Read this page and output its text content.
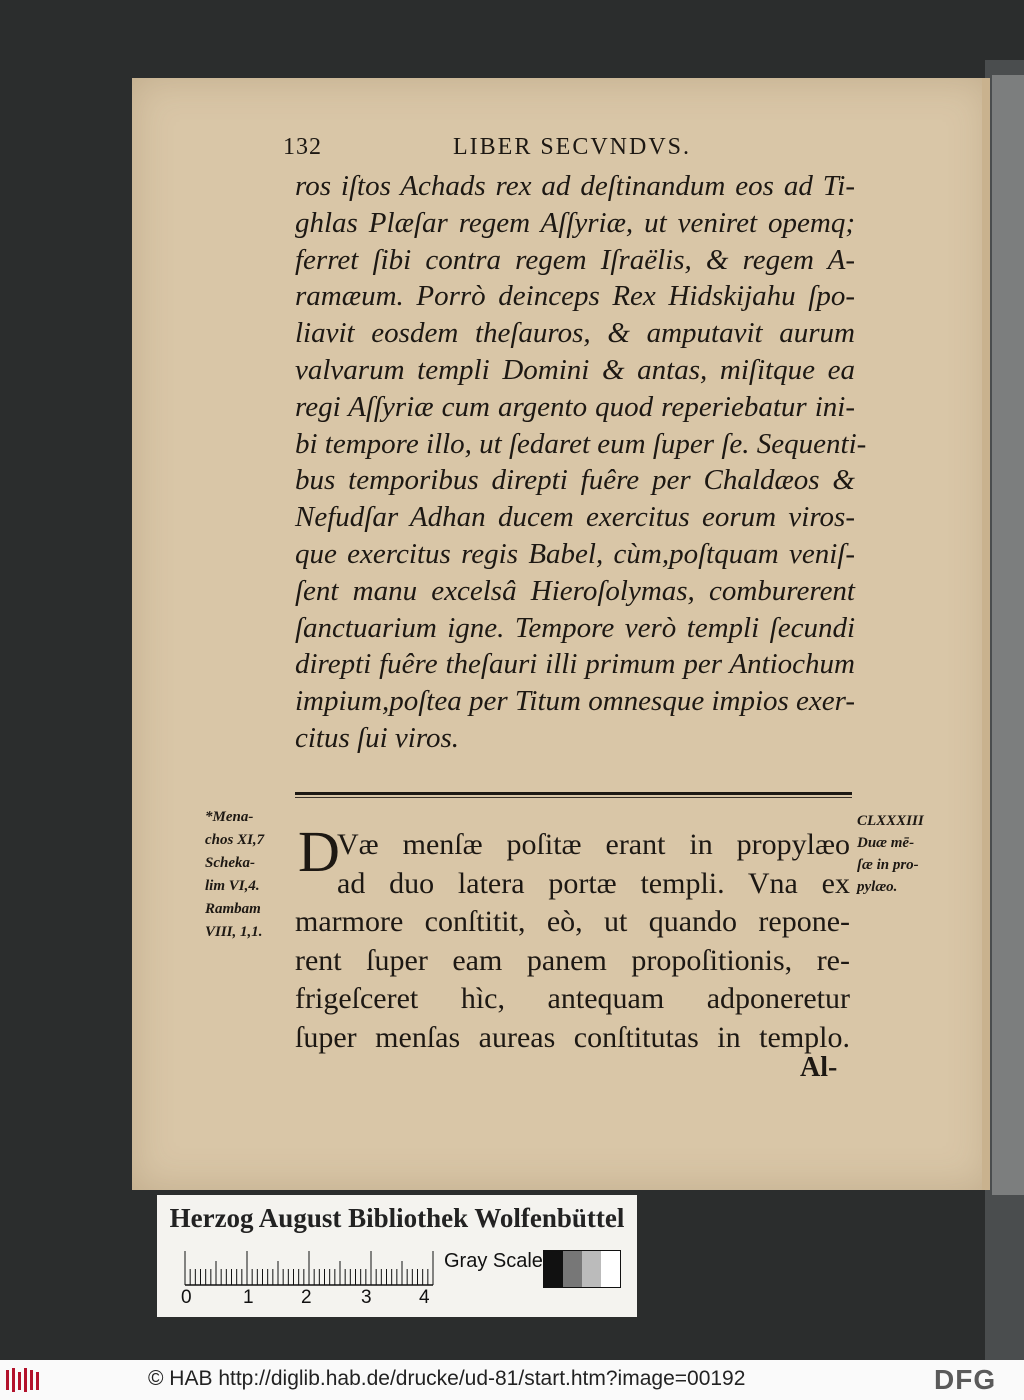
132	LIBER SECVNDVS.
ros iſtos Achads rex ad deſtinandum eos ad Ti-
ghlas Plæſar regem Aſſyriæ, ut veniret opemq;
ferret ſibi contra regem Iſraëlis, & regem A-
ramæum. Porrò deinceps Rex Hidskijahu ſpo-
liavit eosdem theſauros, & amputavit aurum
valvarum templi Domini & antas, miſitque ea
regi Aſſyriæ cum argento quod reperiebatur ini-
bi tempore illo, ut ſedaret eum ſuper ſe. Sequenti-
bus temporibus direpti fuêre per Chaldæos &
Nefudſar Adhan ducem exercitus eorum viros-
que exercitus regis Babel, cùm,poſtquam veniſ-
ſent manu excelsâ Hieroſolymas, comburerent
ſanctuarium igne. Tempore verò templi ſecundi
direpti fuêre theſauri illi primum per Antiochum
impium,poſtea per Titum omnesque impios exer-
citus ſui viros.
*Mena-
chos XI,7
Scheka-
lim VI,4.
Rambam
VIII, 1,1.
CLXXXIII
Duæ mē-
ſæ in pro-
pylæo.
D
Væ menſæ poſitæ erant in propylæo
ad duo latera portæ templi. Vna ex
marmore conſtitit, eò, ut quando repone-
rent ſuper eam panem propoſitionis, re-
frigeſceret hìc, antequam adponeretur
ſuper menſas aureas conſtitutas in templo.
Al-
Herzog August Bibliothek Wolfenbüttel
0	1 2	3 4
Gray Scale
© HAB http://diglib.hab.de/drucke/ud-81/start.htm?image=00192	DFG
